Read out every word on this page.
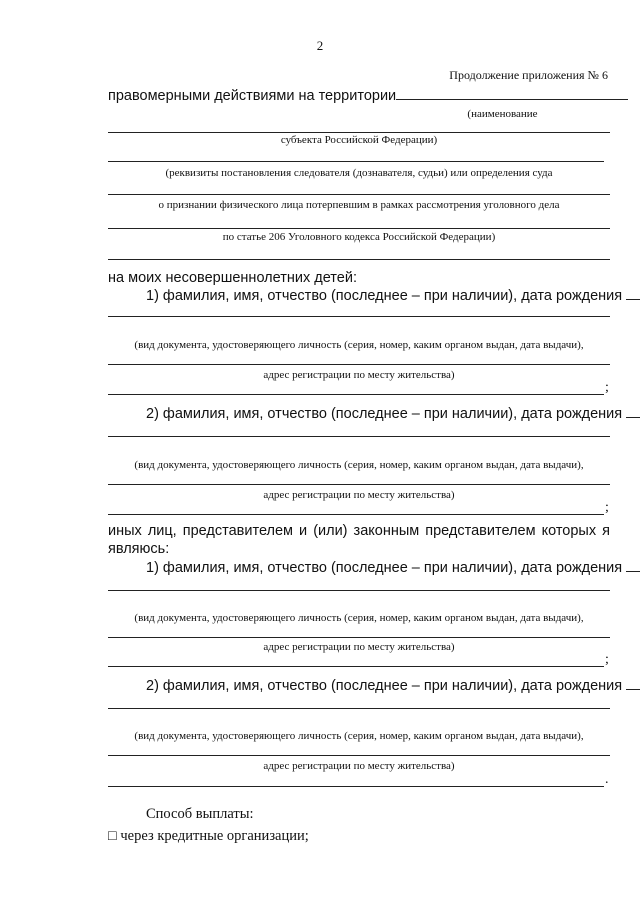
2
Продолжение приложения № 6
правомерными действиями на территории
(наименование
субъекта Российской Федерации)
(реквизиты постановления следователя (дознавателя, судьи) или определения суда
о признании физического лица потерпевшим в рамках рассмотрения уголовного дела
по статье 206 Уголовного кодекса Российской Федерации)
на моих несовершеннолетних детей:
1) фамилия, имя, отчество (последнее – при наличии), дата рождения
(вид документа, удостоверяющего личность (серия, номер, каким органом выдан, дата выдачи),
адрес регистрации по месту жительства)
;
2) фамилия, имя, отчество (последнее – при наличии), дата рождения
(вид документа, удостоверяющего личность (серия, номер, каким органом выдан, дата выдачи),
адрес регистрации по месту жительства)
;
иных лиц, представителем и (или) законным представителем которых я
являюсь:
1) фамилия, имя, отчество (последнее – при наличии), дата рождения
(вид документа, удостоверяющего личность (серия, номер, каким органом выдан, дата выдачи),
адрес регистрации по месту жительства)
;
2) фамилия, имя, отчество (последнее – при наличии), дата рождения
(вид документа, удостоверяющего личность (серия, номер, каким органом выдан, дата выдачи),
адрес регистрации по месту жительства)
.
Способ выплаты:
□ через кредитные организации;
